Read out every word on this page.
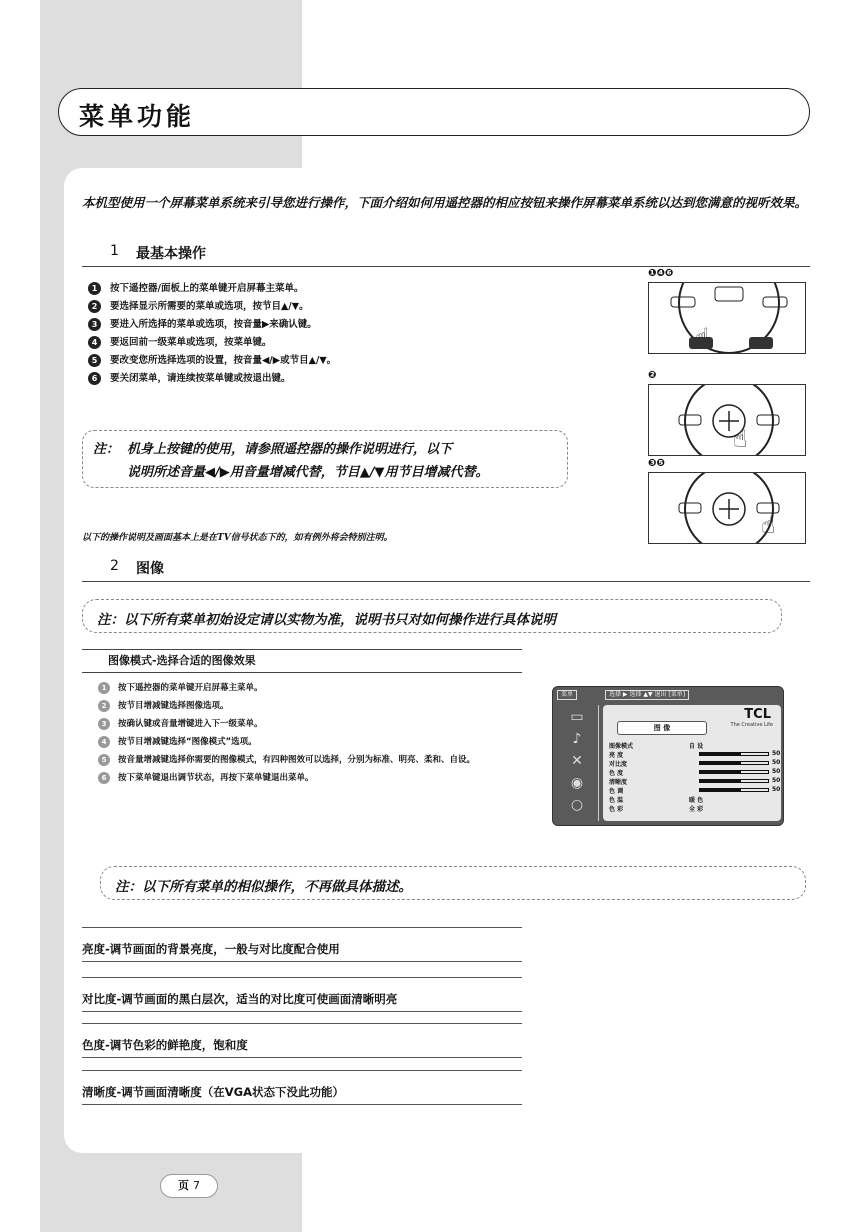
菜单功能

本机型使用一个屏幕菜单系统来引导您进行操作，下面介绍如何用遥控器的相应按钮来操作屏幕菜单系统以达到您满意的视听效果。

1 最基本操作
1	按下遥控器/面板上的菜单键开启屏幕主菜单。
2	要选择显示所需要的菜单或选项，按节目▲/▼。
3	要进入所选择的菜单或选项，按音量▶来确认键。
4	要返回前一级菜单或选项，按菜单键。
5	要改变您所选择选项的设置，按音量◀/▶或节目▲/▼。
6	要关闭菜单，请连续按菜单键或按退出键。
注： 机身上按键的使用，请参照遥控器的操作说明进行，以下
说明所述音量◀/▶用音量增减代替，节目▲/▼用节目增减代替。
❶❹❻
☝
❷
☝
❸❺
☝

以下的操作说明及画面基本上是在TV信号状态下的，如有例外将会特别注明。

2 图像
注：以下所有菜单初始设定请以实物为准，说明书只对如何操作进行具体说明
图像模式-选择合适的图像效果
1	按下遥控器的菜单键开启屏幕主菜单。
2	按节目增减键选择图像选项。
3	按确认键或音量增键进入下一级菜单。
4	按节目增减键选择“图像模式”选项。
5	按音量增减键选择你需要的图像模式，有四种图效可以选择，分别为标准、明亮、柔和、自设。
6	按下菜单键退出调节状态，再按下菜单键退出菜单。
菜单	选择 ▶ 选择 ▲▼ 退出 [菜单]
▭
♪
✕
◉
○
TCL
The Creative Life
图 像
图像模式	自 设
亮 度	50
对比度	50
色 度	50
清晰度	50
色 调	50
色 温	暖 色
色 彩	全 彩
注：以下所有菜单的相似操作，不再做具体描述。
亮度-调节画面的背景亮度，一般与对比度配合使用
对比度-调节画面的黑白层次，适当的对比度可使画面清晰明亮
色度-调节色彩的鲜艳度，饱和度
清晰度-调节画面清晰度（在VGA状态下没此功能）
页 7
